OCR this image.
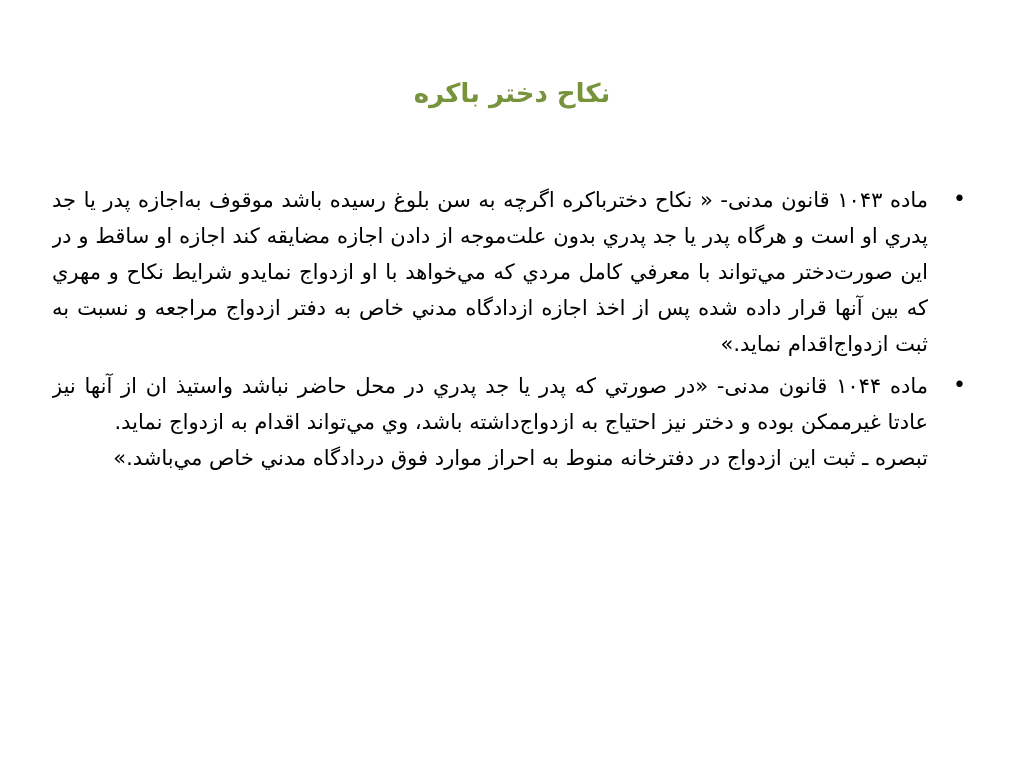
نكاح دختر باكره
•

ماده ۱۰۴۳ قانون مدنی- « نکاح دخترباکره اگرچه به سن بلوغ رسيده باشد موقوف به‌اجازه پدر يا جد پدري او است و هرگاه پدر يا جد پدري بدون علت‌موجه از دادن اجازه مضايقه كند اجازه او ساقط و در اين صورت‌دختر مي‌تواند با معرفي كامل مردي كه مي‌خواهد با او ازدواج نمايدو شرايط نكاح و مهري كه بين آنها قرار داده شده پس از اخذ اجازه ازدادگاه مدني خاص به دفتر ازدواج مراجعه و نسبت به ثبت ازدواج‌اقدام نمايد.»

•

ماده ۱۰۴۴ قانون مدنی- «در صورتي كه پدر يا جد پدري در محل حاضر نباشد واستيذ ان از آنها نيز عادتا غيرممكن بوده و دختر نيز احتياج به ازدواج‌داشته باشد، وي مي‌تواند اقدام به ازدواج نمايد.

تبصره ـ ثبت اين ازدواج در دفترخانه منوط به احراز موارد فوق دردادگاه مدني خاص مي‌باشد.»
